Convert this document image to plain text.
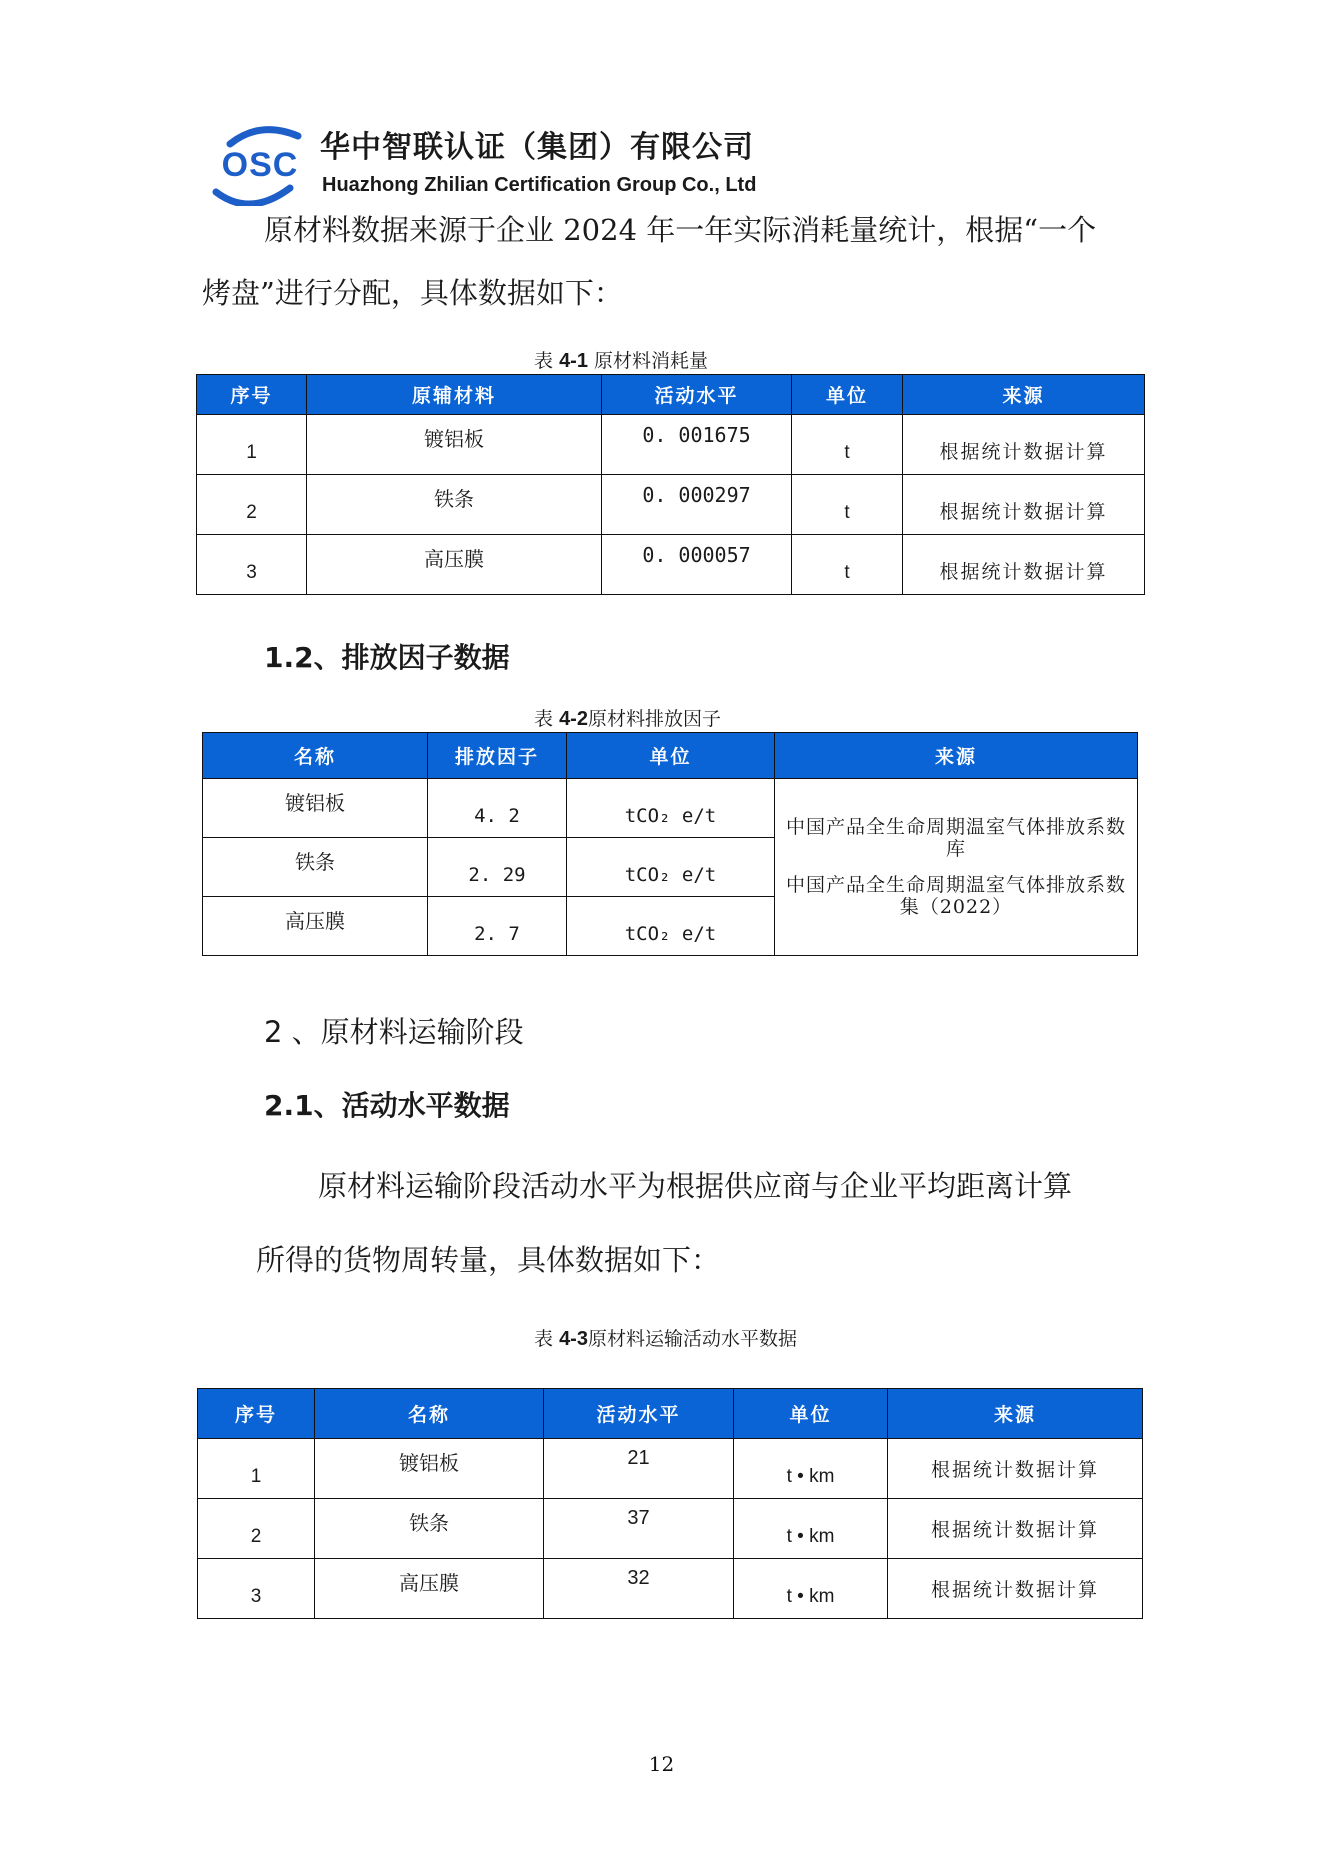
OSC 华中智联认证（集团）有限公司
Huazhong Zhilian Certification Group Co., Ltd
原材料数据来源于企业 2024 年一年实际消耗量统计，根据“一个
烤盘”进行分配，具体数据如下：
表 4-1 原材料消耗量
序号	原辅材料	活动水平	单位	来源
1	镀铝板	0. 001675	t	根据统计数据计算
2	铁条	0. 000297	t	根据统计数据计算
3	高压膜	0. 000057	t	根据统计数据计算
1.2、排放因子数据
表 4-2原材料排放因子
名称	排放因子	单位	来源
镀铝板	4. 2	tCO₂ e/t	中国产品全生命周期温室气体排放系数库
中国产品全生命周期温室气体排放系数集（2022）

铁条	2. 29	tCO₂ e/t	
高压膜	2. 7	tCO₂ e/t	
2 、原材料运输阶段
2.1、活动水平数据
原材料运输阶段活动水平为根据供应商与企业平均距离计算
所得的货物周转量，具体数据如下：
表 4-3原材料运输活动水平数据
序号	名称	活动水平	单位	来源
1	镀铝板	21	t • km	根据统计数据计算
2	铁条	37	t • km	根据统计数据计算
3	高压膜	32	t • km	根据统计数据计算
12
